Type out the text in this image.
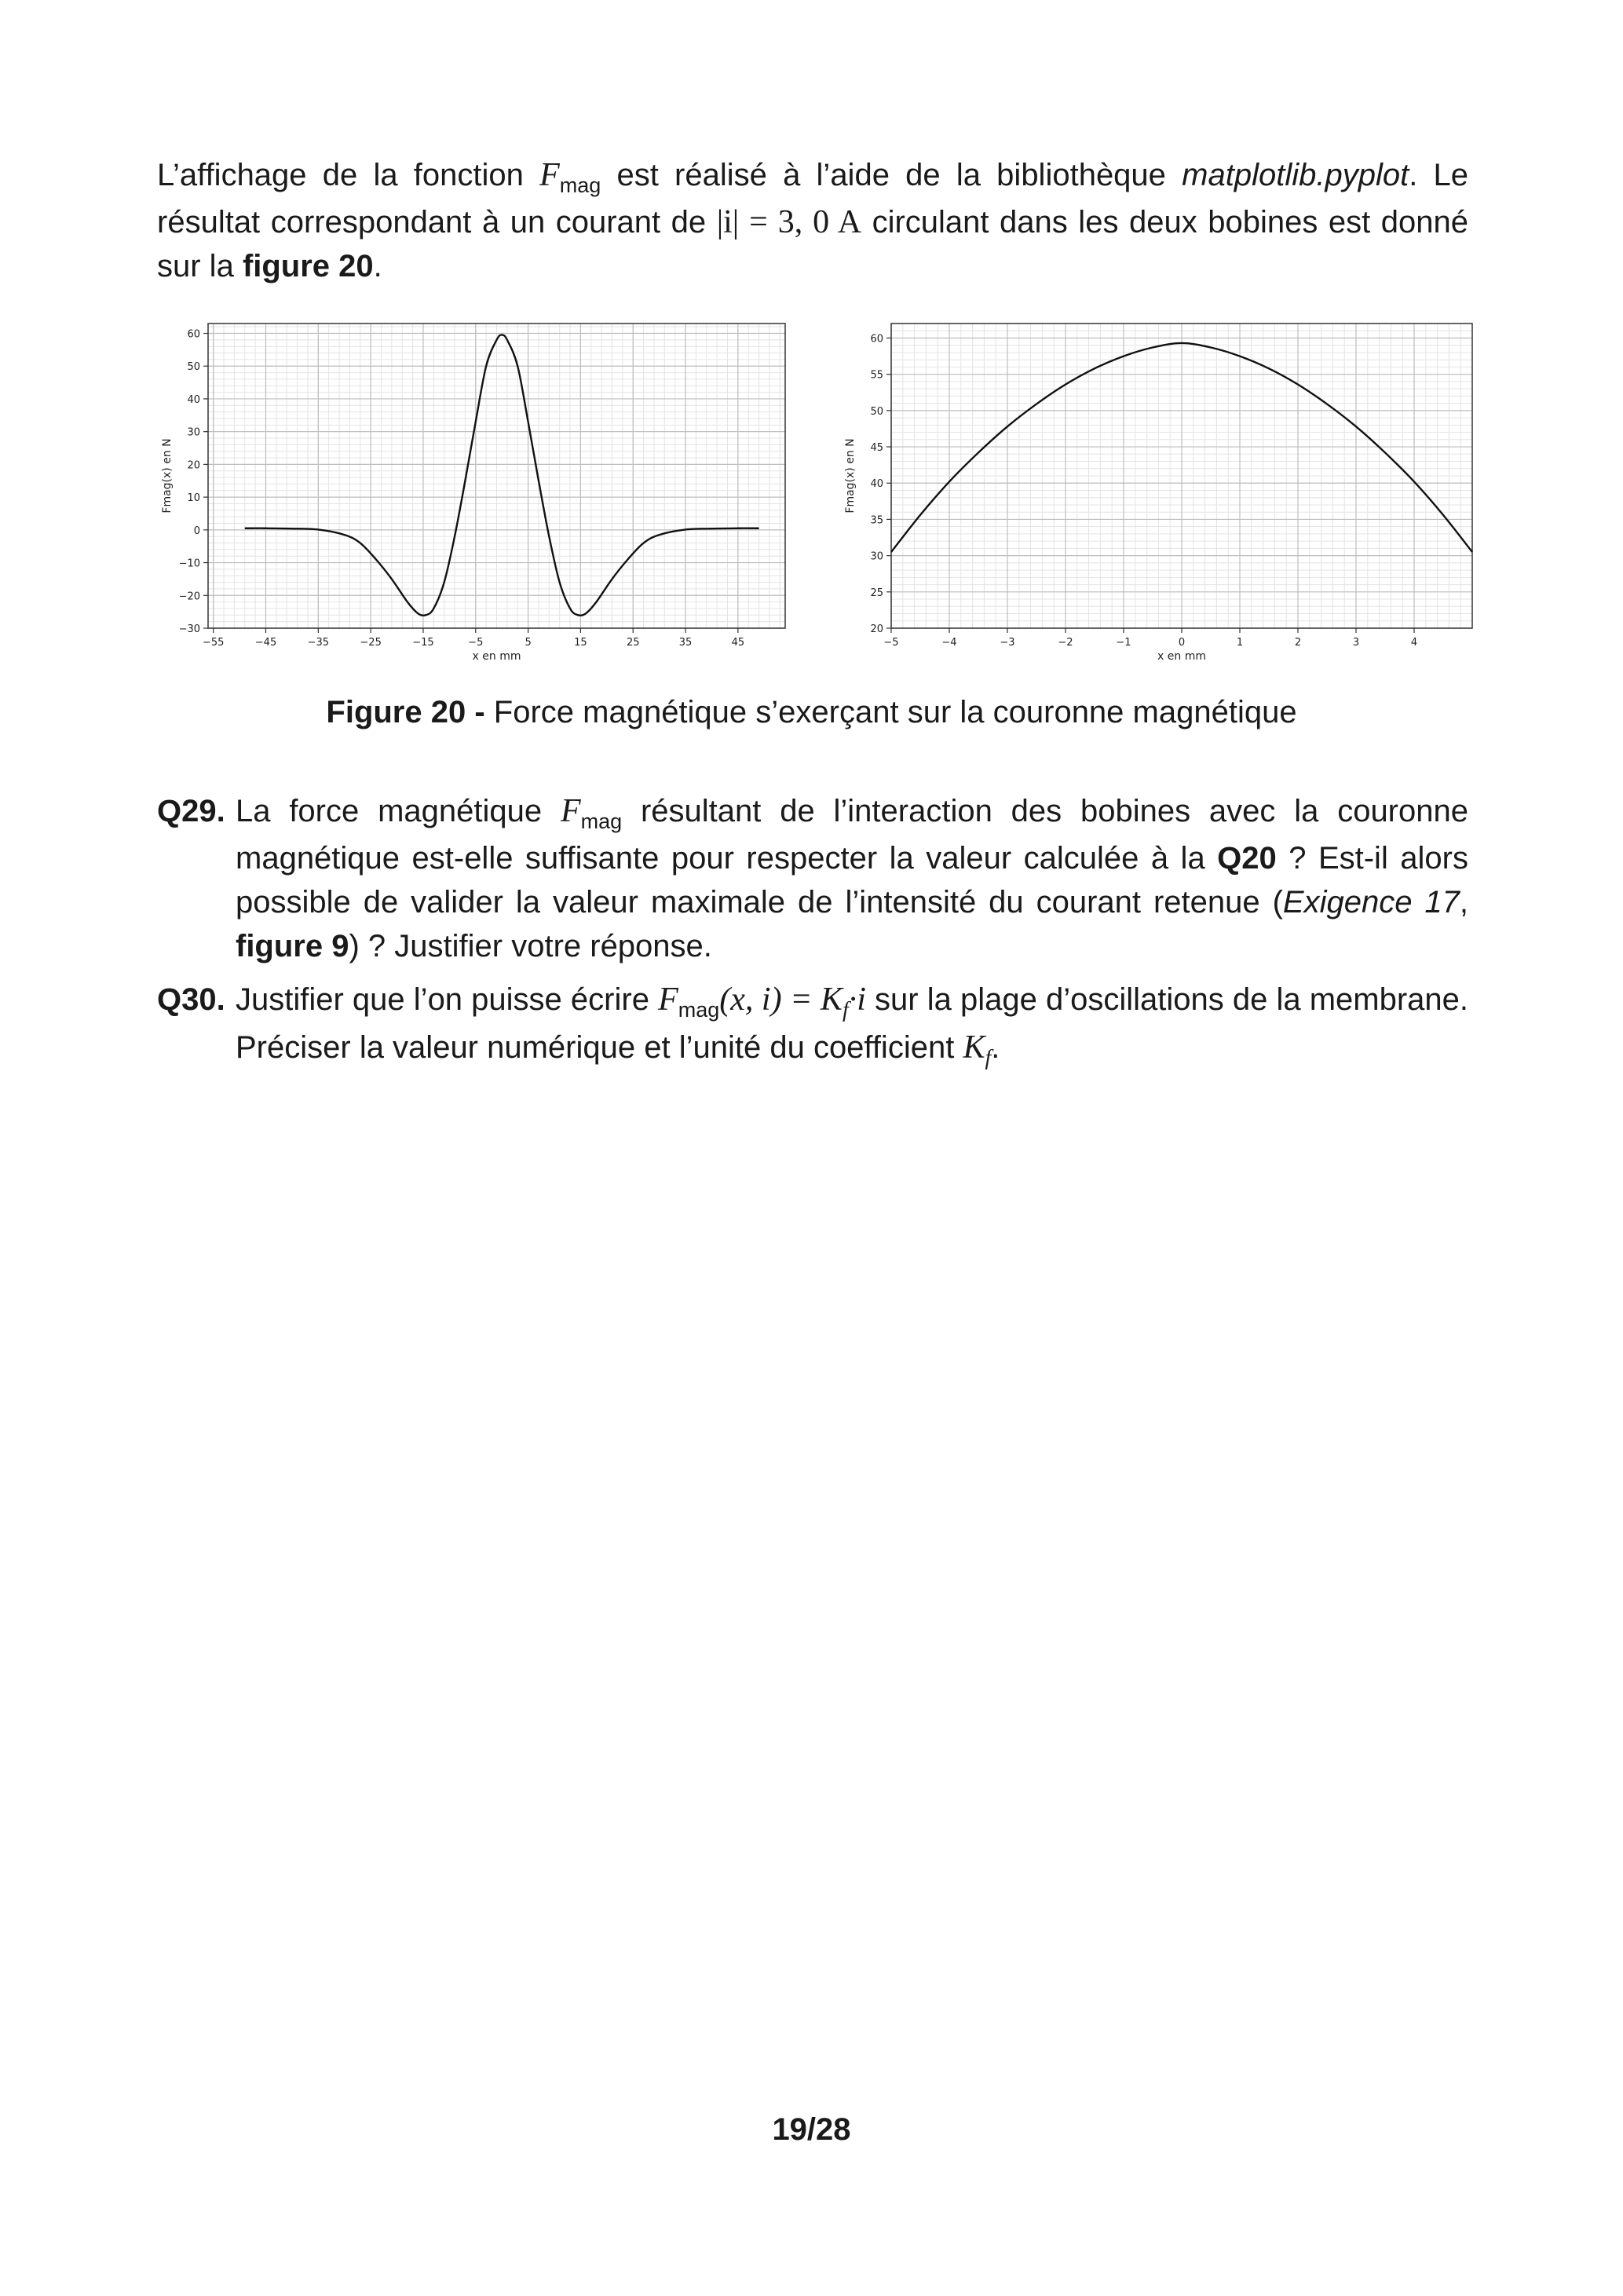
L’affichage de la fonction $F_{mag}$ est réalisé à l’aide de la bibliothèque matplotlib.pyplot. Le résultat correspondant à un courant de |i| = 3, 0 A circulant dans les deux bobines est donné sur la figure 20.

−55	−45	−35	−25	−15	−5	5	15	25	35	45
−30
−20
−10
0
10
20
30
40
50
60
x en mm
Fmag(x) en N
−5	−4	−3	−2	−1	0	1	2	3	4
20
25
30
35
40
45
50
55
60
x en mm
Fmag(x) en N
Figure 20 - Force magnétique s’exerçant sur la couronne magnétique
Q29. La force magnétique $F_{mag}$ résultant de l’interaction des bobines avec la couronne magnétique est-elle suffisante pour respecter la valeur calculée à la Q20 ? Est-il alors possible de valider la valeur maximale de l’intensité du courant retenue (Exigence 17, figure 9) ? Justifier votre réponse.
Q30. Justifier que l’on puisse écrire $F_{mag}(x$, $i) = K_f\cdot i$ sur la plage d’oscillations de la membrane. Préciser la valeur numérique et l’unité du coefficient $K_f$.
19/28
